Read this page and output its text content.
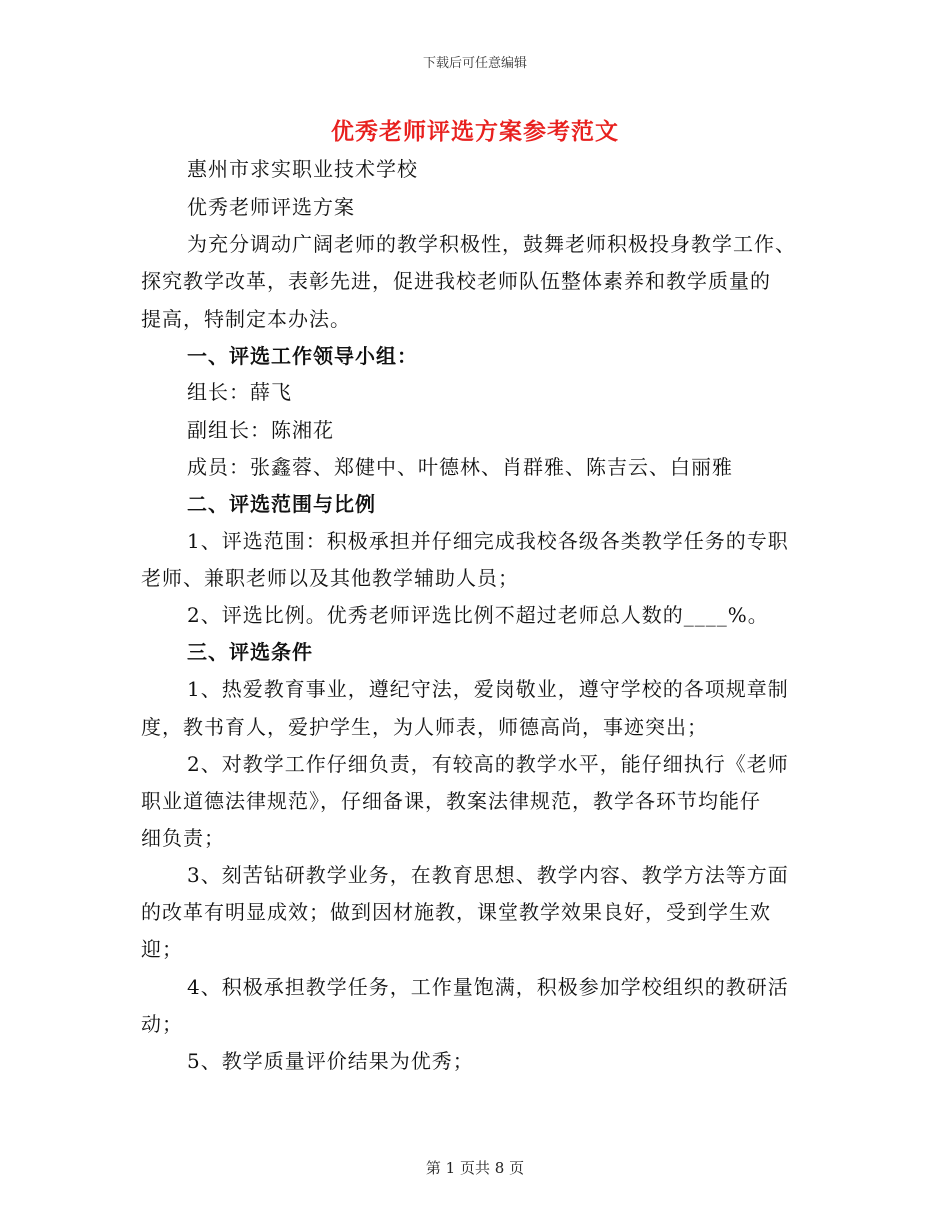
下载后可任意编辑
优秀老师评选方案参考范文
惠州市求实职业技术学校
优秀老师评选方案
为充分调动广阔老师的教学积极性，鼓舞老师积极投身教学工作、
探究教学改革，表彰先进，促进我校老师队伍整体素养和教学质量的
提高，特制定本办法。
一、评选工作领导小组：
组长：薛飞
副组长：陈湘花
成员：张鑫蓉、郑健中、叶德林、肖群雅、陈吉云、白丽雅
二、评选范围与比例
1、评选范围：积极承担并仔细完成我校各级各类教学任务的专职
老师、兼职老师以及其他教学辅助人员；
2、评选比例。优秀老师评选比例不超过老师总人数的____%。
三、评选条件
1、热爱教育事业，遵纪守法，爱岗敬业，遵守学校的各项规章制
度，教书育人，爱护学生，为人师表，师德高尚，事迹突出；
2、对教学工作仔细负责，有较高的教学水平，能仔细执行《老师
职业道德法律规范》，仔细备课，教案法律规范，教学各环节均能仔
细负责；
3、刻苦钻研教学业务，在教育思想、教学内容、教学方法等方面
的改革有明显成效；做到因材施教，课堂教学效果良好，受到学生欢
迎；
4、积极承担教学任务，工作量饱满，积极参加学校组织的教研活
动；
5、教学质量评价结果为优秀；
第 1 页共 8 页
